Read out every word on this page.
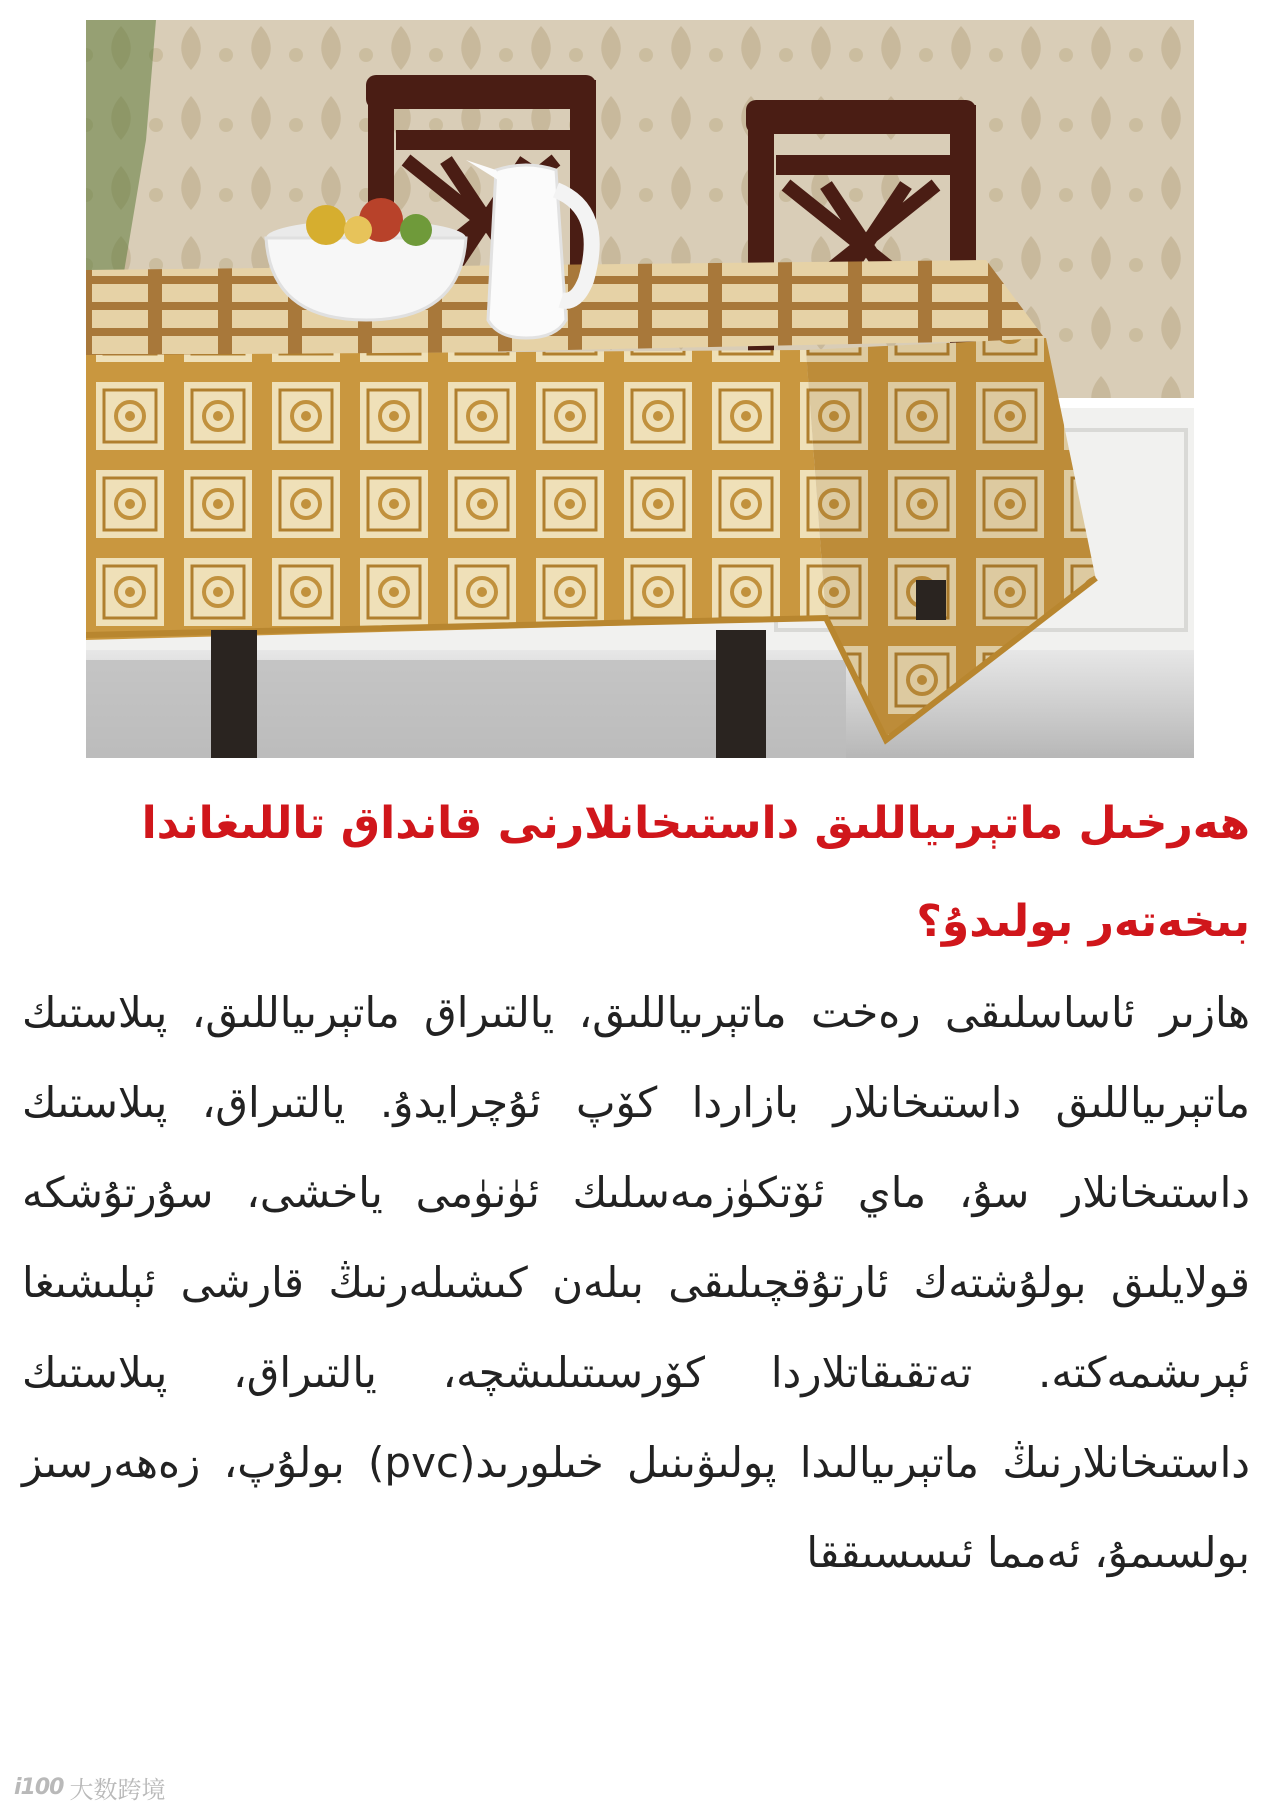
ھەرخىل ماتېرىياللىق داستىخانلارنى قانداق تاللىغاندا بىخەتەر بولىدۇ؟

ھازىر ئاساسلىقى رەخت ماتېرىياللىق، يالتىراق ماتېرىياللىق، پىلاستىك ماتېرىياللىق داستىخانلار بازاردا كۆپ ئۇچرايدۇ. يالتىراق، پىلاستىك داستىخانلار سۇ، ماي ئۆتكۈزمەسلىك ئۈنۈمى ياخشى، سۇرتۇشكە قولايلىق بولۇشتەك ئارتۇقچىلىقى بىلەن كىشىلەرنىڭ قارشى ئېلىشىغا ئېرىشمەكتە. تەتقىقاتلاردا كۆرسىتىلىشچە، يالتىراق، پىلاستىك داستىخانلارنىڭ ماتېرىيالىدا پولىۋىنىل خىلورىد(pvc) بولۇپ، زەھەرسىز بولسىمۇ، ئەمما ئىسسىققا

i100 大数跨境
